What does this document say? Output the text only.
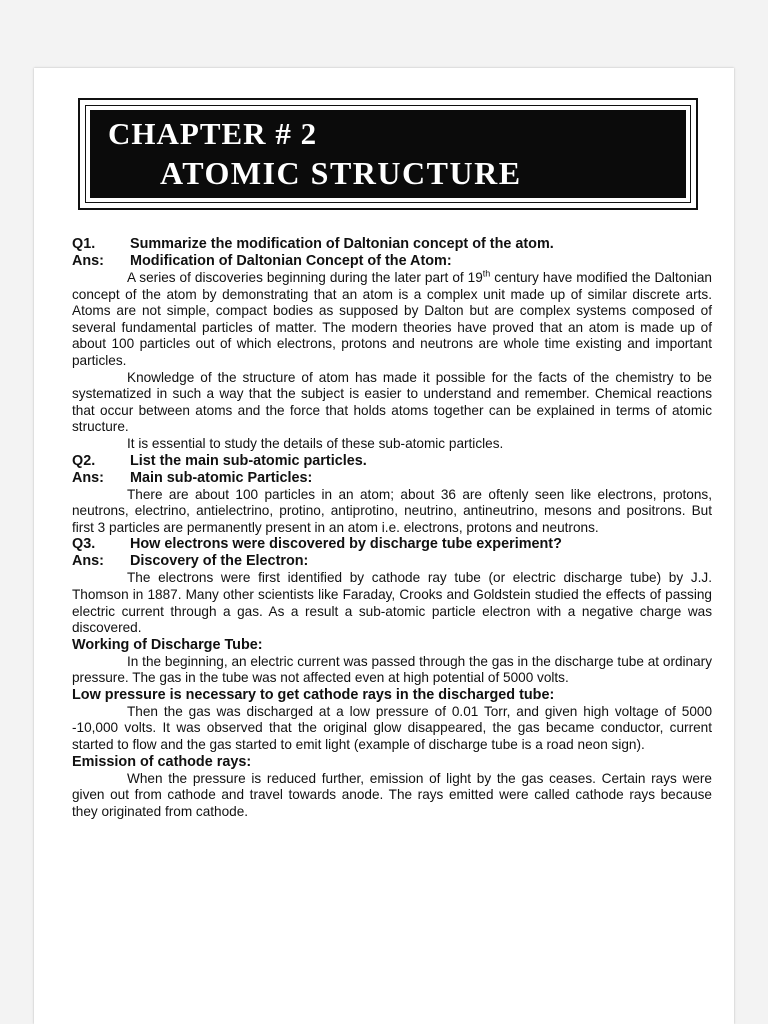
CHAPTER # 2
ATOMIC STRUCTURE
Q1.	Summarize the modification of Daltonian concept of the atom.
Ans:	Modification of Daltonian Concept of the Atom:

A series of discoveries beginning during the later part of 19th century have modified the Daltonian concept of the atom by demonstrating that an atom is a complex unit made up of similar discrete arts. Atoms are not simple, compact bodies as supposed by Dalton but are complex systems composed of several fundamental particles of matter. The modern theories have proved that an atom is made up of about 100 particles out of which electrons, protons and neutrons are whole time existing and important particles.

Knowledge of the structure of atom has made it possible for the facts of the chemistry to be systematized in such a way that the subject is easier to understand and remember. Chemical reactions that occur between atoms and the force that holds atoms together can be explained in terms of atomic structure.

It is essential to study the details of these sub-atomic particles.

Q2.	List the main sub-atomic particles.
Ans:	Main sub-atomic Particles:

There are about 100 particles in an atom; about 36 are oftenly seen like electrons, protons, neutrons, electrino, antielectrino, protino, antiprotino, neutrino, antineutrino, mesons and positrons. But first 3 particles are permanently present in an atom i.e. electrons, protons and neutrons.

Q3.	How electrons were discovered by discharge tube experiment?
Ans:	Discovery of the Electron:

The electrons were first identified by cathode ray tube (or electric discharge tube) by J.J. Thomson in 1887. Many other scientists like Faraday, Crooks and Goldstein studied the effects of passing electric current through a gas. As a result a sub-atomic particle electron with a negative charge was discovered.

Working of Discharge Tube:

In the beginning, an electric current was passed through the gas in the discharge tube at ordinary pressure. The gas in the tube was not affected even at high potential of 5000 volts.

Low pressure is necessary to get cathode rays in the discharged tube:

Then the gas was discharged at a low pressure of 0.01 Torr, and given high voltage of 5000 -10,000 volts. It was observed that the original glow disappeared, the gas became conductor, current started to flow and the gas started to emit light (example of discharge tube is a road neon sign).

Emission of cathode rays:

When the pressure is reduced further, emission of light by the gas ceases. Certain rays were given out from cathode and travel towards anode. The rays emitted were called cathode rays because they originated from cathode.
